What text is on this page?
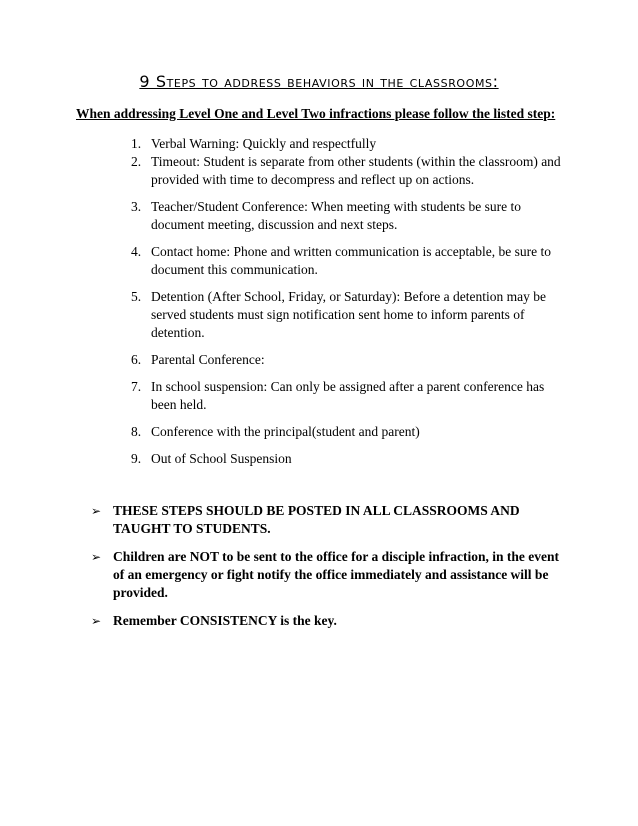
9 Steps to address behaviors in the classrooms:

When addressing Level One and Level Two infractions please follow the listed step:

1. Verbal Warning: Quickly and respectfully
2. Timeout: Student is separate from other students (within the classroom) and provided with time to decompress and reflect up on actions.
3. Teacher/Student Conference: When meeting with students be sure to document meeting, discussion and next steps.
4. Contact home: Phone and written communication is acceptable, be sure to document this communication.
5. Detention (After School, Friday, or Saturday): Before a detention may be served students must sign notification sent home to inform parents of detention.
6. Parental Conference:
7. In school suspension: Can only be assigned after a parent conference has been held.
8. Conference with the principal(student and parent)
9. Out of School Suspension
➢ THESE STEPS SHOULD BE POSTED IN ALL CLASSROOMS AND TAUGHT TO STUDENTS.
➢ Children are NOT to be sent to the office for a disciple infraction, in the event of an emergency or fight notify the office immediately and assistance will be provided.
➢ Remember CONSISTENCY is the key.
